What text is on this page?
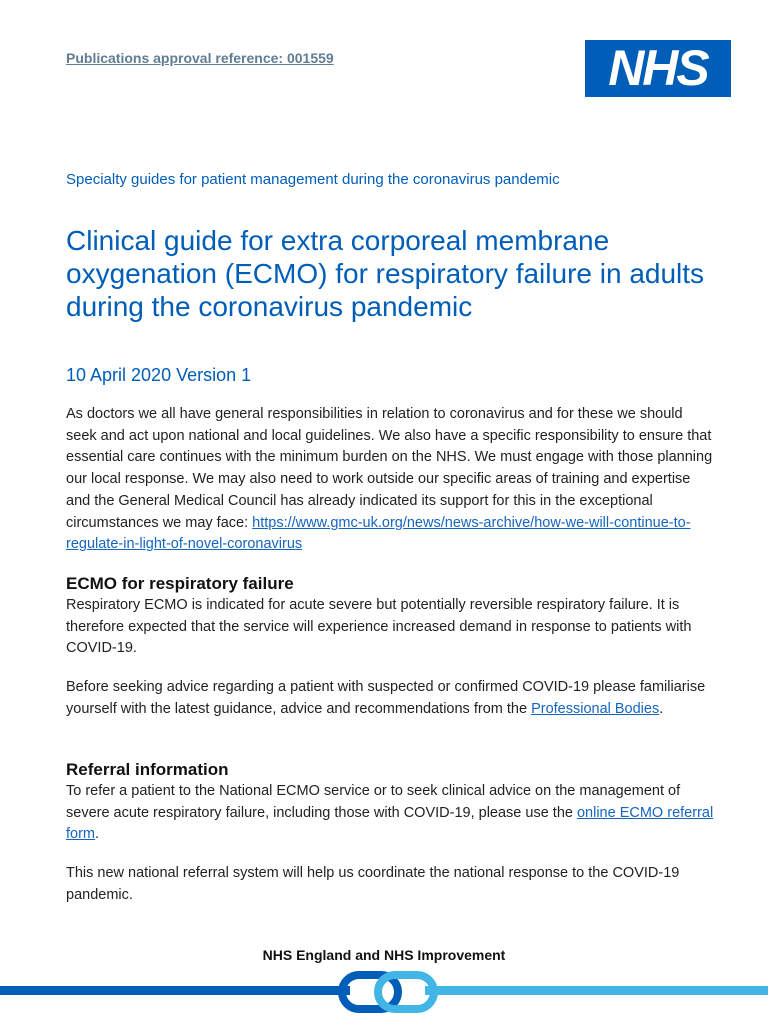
Publications approval reference: 001559	NHS
Specialty guides for patient management during the coronavirus pandemic
Clinical guide for extra corporeal membrane oxygenation (ECMO) for respiratory failure in adults during the coronavirus pandemic
10 April 2020 Version 1

As doctors we all have general responsibilities in relation to coronavirus and for these we should seek and act upon national and local guidelines. We also have a specific responsibility to ensure that essential care continues with the minimum burden on the NHS. We must engage with those planning our local response. We may also need to work outside our specific areas of training and expertise and the General Medical Council has already indicated its support for this in the exceptional circumstances we may face: https://www.gmc-uk.org/news/news-archive/how-we-will-continue-to-regulate-in-light-of-novel-coronavirus

ECMO for respiratory failure

Respiratory ECMO is indicated for acute severe but potentially reversible respiratory failure. It is therefore expected that the service will experience increased demand in response to patients with COVID-19.

Before seeking advice regarding a patient with suspected or confirmed COVID-19 please familiarise yourself with the latest guidance, advice and recommendations from the Professional Bodies.

Referral information

To refer a patient to the National ECMO service or to seek clinical advice on the management of severe acute respiratory failure, including those with COVID-19, please use the online ECMO referral form.

This new national referral system will help us coordinate the national response to the COVID-19 pandemic.

NHS England and NHS Improvement
